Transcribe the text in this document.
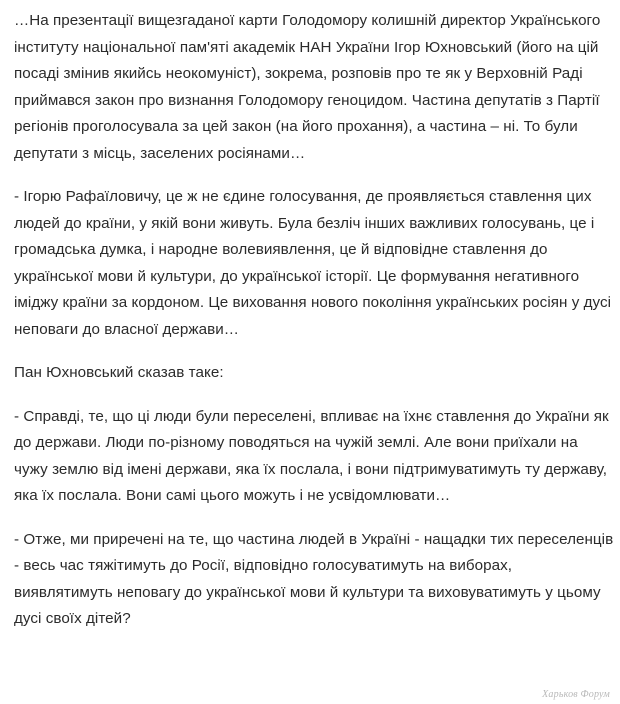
…На презентації вищезгаданої карти Голодомору колишній директор Українського інституту національної пам'яті академік НАН України Ігор Юхновський (його на цій посаді змінив якийсь неокомуніст), зокрема, розповів про те як у Верховній Раді приймався закон про визнання Голодомору геноцидом. Частина депутатів з Партії регіонів проголосувала за цей закон (на його прохання), а частина – ні. То були депутати з місць, заселених росіянами…

- Ігорю Рафаїловичу, це ж не єдине голосування, де проявляється ставлення цих людей до країни, у якій вони живуть. Була безліч інших важливих голосувань, це і громадська думка, і народне волевиявлення, це й відповідне ставлення до української мови й культури, до української історії. Це формування негативного іміджу країни за кордоном. Це виховання нового покоління українських росіян у дусі неповаги до власної держави…

Пан Юхновський сказав таке:

- Справді, те, що ці люди були переселені, впливає на їхнє ставлення до України як до держави. Люди по-різному поводяться на чужій землі. Але вони приїхали на чужу землю від імені держави, яка їх послала, і вони підтримуватимуть ту державу, яка їх послала. Вони самі цього можуть і не усвідомлювати…

- Отже, ми приречені на те, що частина людей в Україні - нащадки тих переселенців - весь час тяжітимуть до Росії, відповідно голосуватимуть на виборах, виявлятимуть неповагу до української мови й культури та виховуватимуть у цьому дусі своїх дітей?

Харьков Форум
